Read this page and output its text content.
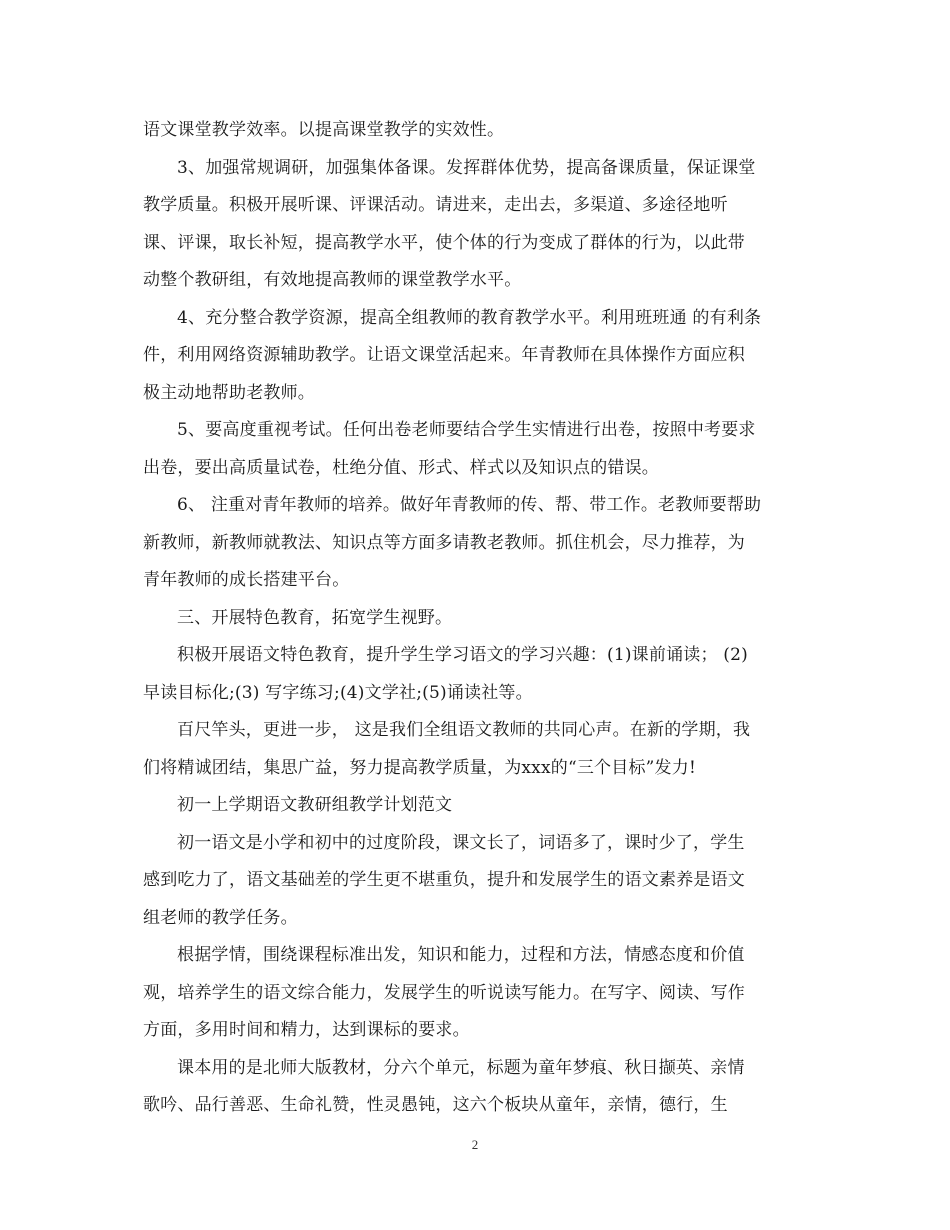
语文课堂教学效率。以提高课堂教学的实效性。
3、加强常规调研，加强集体备课。发挥群体优势，提高备课质量，保证课堂
教学质量。积极开展听课、评课活动。请进来，走出去，多渠道、多途径地听
课、评课，取长补短，提高教学水平，使个体的行为变成了群体的行为，以此带
动整个教研组，有效地提高教师的课堂教学水平。
4、充分整合教学资源，提高全组教师的教育教学水平。利用班班通 的有利条
件，利用网络资源辅助教学。让语文课堂活起来。年青教师在具体操作方面应积
极主动地帮助老教师。
5、要高度重视考试。任何出卷老师要结合学生实情进行出卷，按照中考要求
出卷，要出高质量试卷，杜绝分值、形式、样式以及知识点的错误。
6、 注重对青年教师的培养。做好年青教师的传、帮、带工作。老教师要帮助
新教师，新教师就教法、知识点等方面多请教老教师。抓住机会，尽力推荐，为
青年教师的成长搭建平台。
三、开展特色教育，拓宽学生视野。
积极开展语文特色教育，提升学生学习语文的学习兴趣：(1)课前诵读； (2)
早读目标化;(3) 写字练习;(4)文学社;(5)诵读社等。
百尺竿头，更进一步， 这是我们全组语文教师的共同心声。在新的学期，我
们将精诚团结，集思广益，努力提高教学质量，为xxx的“三个目标”发力!
初一上学期语文教研组教学计划范文
初一语文是小学和初中的过度阶段，课文长了，词语多了，课时少了，学生
感到吃力了，语文基础差的学生更不堪重负，提升和发展学生的语文素养是语文
组老师的教学任务。
根据学情，围绕课程标准出发，知识和能力，过程和方法，情感态度和价值
观，培养学生的语文综合能力，发展学生的听说读写能力。在写字、阅读、写作
方面，多用时间和精力，达到课标的要求。
课本用的是北师大版教材，分六个单元，标题为童年梦痕、秋日撷英、亲情
歌吟、品行善恶、生命礼赞，性灵愚钝，这六个板块从童年，亲情，德行，生
2
